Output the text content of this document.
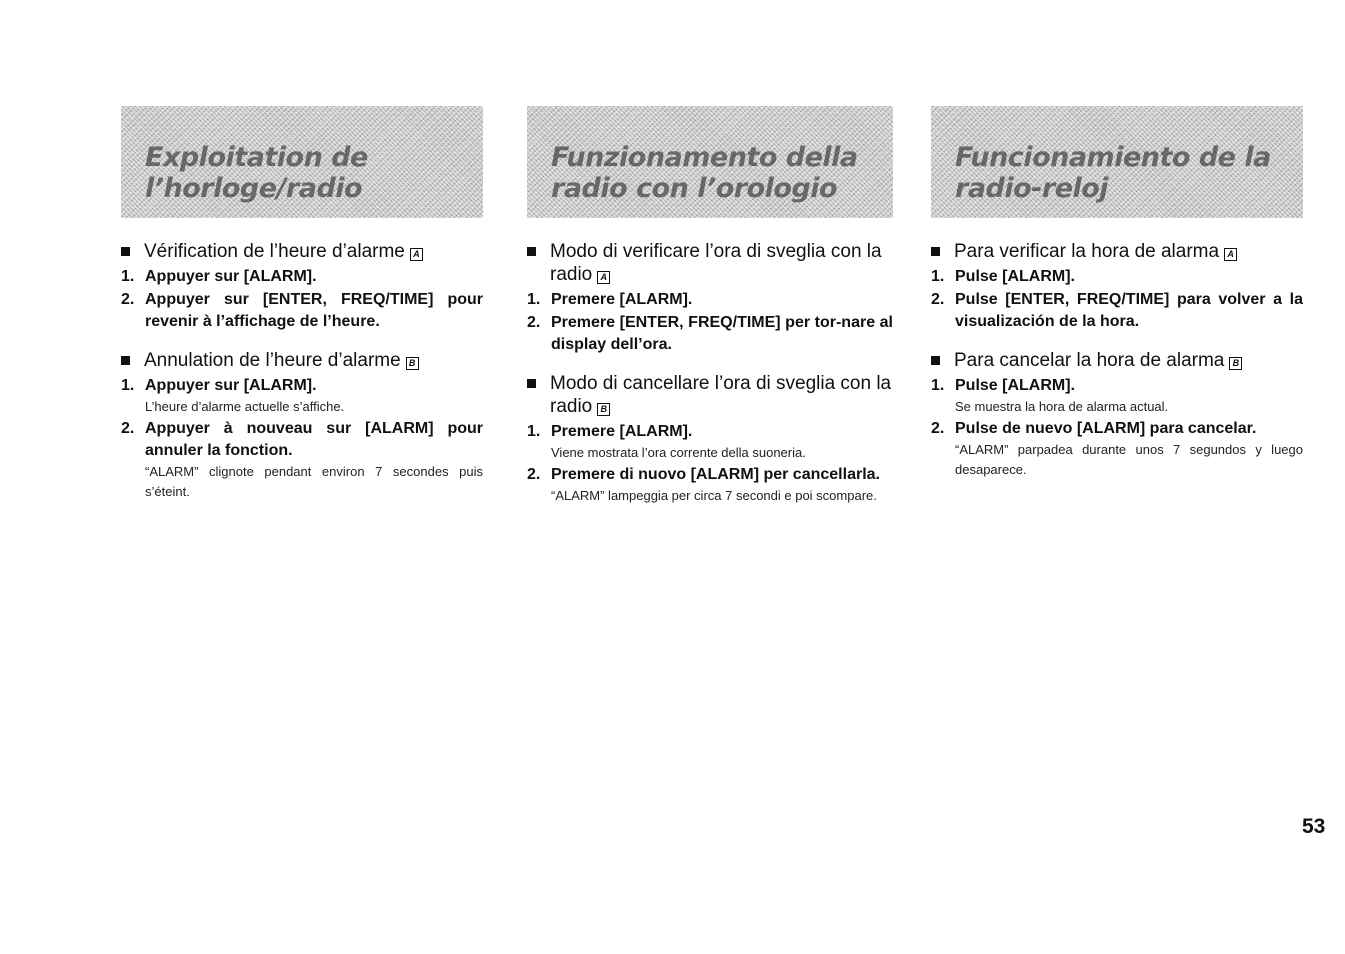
Exploitation de
l’horloge/radio
Vérification de l’heure d’alarme A
1. Appuyer sur [ALARM].
2. Appuyer sur [ENTER, FREQ/TIME] pour revenir à l’affichage de l’heure.
Annulation de l’heure d’alarme B
1. Appuyer sur [ALARM].
L’heure d’alarme actuelle s’affiche.
2. Appuyer à nouveau sur [ALARM] pour annuler la fonction.
“ALARM” clignote pendant environ 7 secondes puis s’éteint.
Funzionamento della
radio con l’orologio
Modo di verificare l’ora di sveglia con la radio A
1. Premere [ALARM].
2. Premere [ENTER, FREQ/TIME] per tor-nare al display dell’ora.
Modo di cancellare l’ora di sveglia con la radio B
1. Premere [ALARM].
Viene mostrata l’ora corrente della suoneria.
2. Premere di nuovo [ALARM] per cancellarla.
“ALARM” lampeggia per circa 7 secondi e poi scompare.
Funcionamiento de la
radio-reloj
Para verificar la hora de alarma A
1. Pulse [ALARM].
2. Pulse [ENTER, FREQ/TIME] para volver a la visualización de la hora.
Para cancelar la hora de alarma B
1. Pulse [ALARM].
Se muestra la hora de alarma actual.
2. Pulse de nuevo [ALARM] para cancelar.
“ALARM” parpadea durante unos 7 segundos y luego desaparece.
53
